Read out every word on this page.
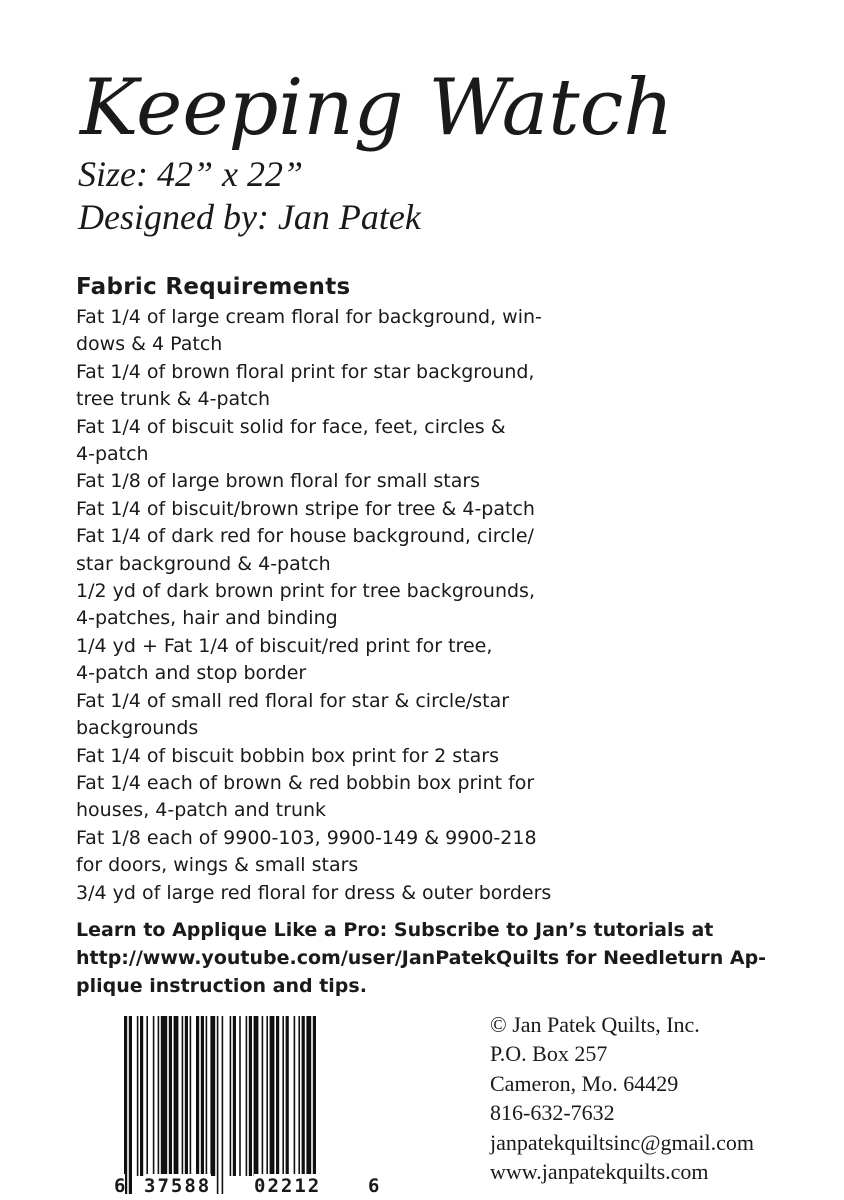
Keeping Watch
Size: 42” x 22”
Designed by: Jan Patek
Fabric Requirements
Fat 1/4 of large cream floral for background, win-
dows & 4 Patch
Fat 1/4 of brown floral print for star background,
tree trunk & 4-patch
Fat 1/4 of biscuit solid for face, feet, circles &
4-patch
Fat 1/8 of large brown floral for small stars
Fat 1/4 of biscuit/brown stripe for tree & 4-patch
Fat 1/4 of dark red for house background, circle/
star background & 4-patch
1/2 yd of dark brown print for tree backgrounds,
4-patches, hair and binding
1/4 yd + Fat 1/4 of biscuit/red print for tree,
4-patch and stop border
Fat 1/4 of small red floral for star & circle/star
backgrounds
Fat 1/4 of biscuit bobbin box print for 2 stars
Fat 1/4 each of brown & red bobbin box print for
houses, 4-patch and trunk
Fat 1/8 each of 9900-103, 9900-149 & 9900-218
for doors, wings & small stars
3/4 yd of large red floral for dress & outer borders

Learn to Applique Like a Pro: Subscribe to Jan’s tutorials at
http://www.youtube.com/user/JanPatekQuilts for Needleturn Ap-
plique instruction and tips.

6 37588 02212 6
© Jan Patek Quilts, Inc.
P.O. Box 257
Cameron, Mo. 64429
816-632-7632
janpatekquiltsinc@gmail.com
www.janpatekquilts.com
